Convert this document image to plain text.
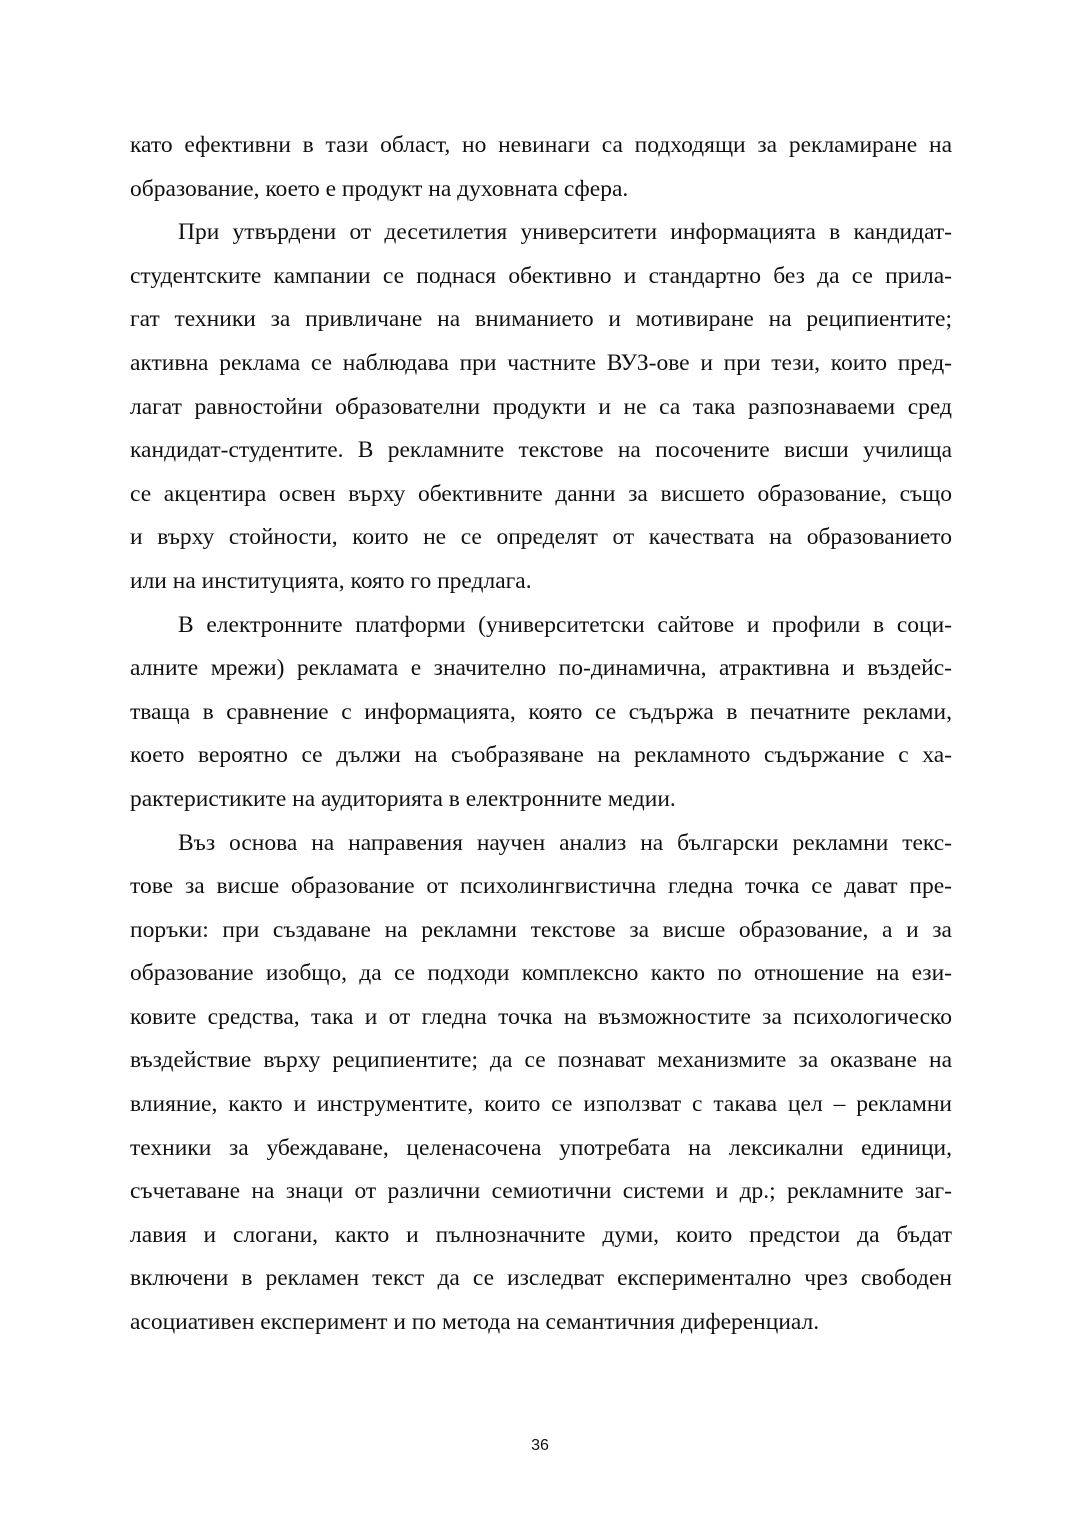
като ефективни в тази област, но невинаги са подходящи за рекламиране на
образование, което е продукт на духовната сфера.
При утвърдени от десетилетия университети информацията в кандидат-
студентските кампании се поднася обективно и стандартно без да се прила-
гат техники за привличане на вниманието и мотивиране на реципиентите;
активна реклама се наблюдава при частните ВУЗ-ове и при тези, които пред-
лагат равностойни образователни продукти и не са така разпознаваеми сред
кандидат-студентите. В рекламните текстове на посочените висши училища
се акцентира освен върху обективните данни за висшето образование, също
и върху стойности, които не се определят от качествата на образованието
или на институцията, която го предлага.
В електронните платформи (университетски сайтове и профили в соци-
алните мрежи) рекламата е значително по-динамична, атрактивна и въздейс-
тваща в сравнение с информацията, която се съдържа в печатните реклами,
което вероятно се дължи на съобразяване на рекламното съдържание с ха-
рактеристиките на аудиторията в електронните медии.
Въз основа на направения научен анализ на български рекламни текс-
тове за висше образование от психолингвистична гледна точка се дават пре-
поръки: при създаване на рекламни текстове за висше образование, а и за
образование изобщо, да се подходи комплексно както по отношение на ези-
ковите средства, така и от гледна точка на възможностите за психологическо
въздействие върху реципиентите; да се познават механизмите за оказване на
влияние, както и инструментите, които се използват с такава цел – рекламни
техники за убеждаване, целенасочена употребата на лексикални единици,
съчетаване на знаци от различни семиотични системи и др.; рекламните заг-
лавия и слогани, както и пълнозначните думи, които предстои да бъдат
включени в рекламен текст да се изследват експериментално чрез свободен
асоциативен експеримент и по метода на семантичния диференциал.
36
